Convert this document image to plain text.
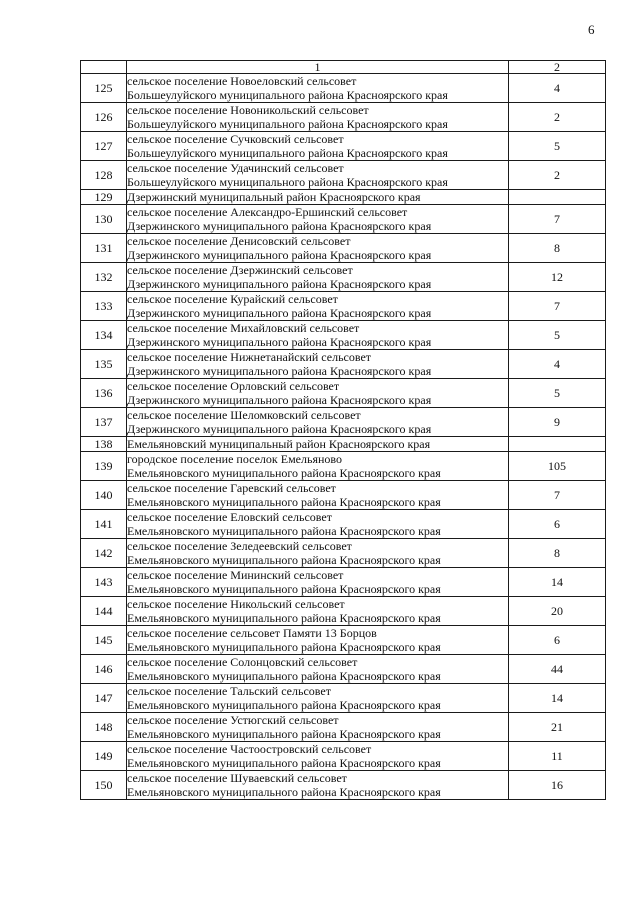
6
	1	2
125	сельское поселение Новоеловский сельсовет
Большеулуйского муниципального района Красноярского края	4
126	сельское поселение Новоникольский сельсовет
Большеулуйского муниципального района Красноярского края	2
127	сельское поселение Сучковский сельсовет
Большеулуйского муниципального района Красноярского края	5
128	сельское поселение Удачинский сельсовет
Большеулуйского муниципального района Красноярского края	2
129	Дзержинский муниципальный район Красноярского края	

130	сельское поселение Александро-Ершинский сельсовет
Дзержинского муниципального района Красноярского края	7
131	сельское поселение Денисовский сельсовет
Дзержинского муниципального района Красноярского края	8
132	сельское поселение Дзержинский сельсовет
Дзержинского муниципального района Красноярского края	12
133	сельское поселение Курайский сельсовет
Дзержинского муниципального района Красноярского края	7
134	сельское поселение Михайловский сельсовет
Дзержинского муниципального района Красноярского края	5
135	сельское поселение Нижнетанайский сельсовет
Дзержинского муниципального района Красноярского края	4
136	сельское поселение Орловский сельсовет
Дзержинского муниципального района Красноярского края	5
137	сельское поселение Шеломковский сельсовет
Дзержинского муниципального района Красноярского края	9
138	Емельяновский муниципальный район Красноярского края	

139	городское поселение поселок Емельяново
Емельяновского муниципального района Красноярского края	105
140	сельское поселение Гаревский сельсовет
Емельяновского муниципального района Красноярского края	7
141	сельское поселение Еловский сельсовет
Емельяновского муниципального района Красноярского края	6
142	сельское поселение Зеледеевский сельсовет
Емельяновского муниципального района Красноярского края	8
143	сельское поселение Мининский сельсовет
Емельяновского муниципального района Красноярского края	14
144	сельское поселение Никольский сельсовет
Емельяновского муниципального района Красноярского края	20
145	сельское поселение сельсовет Памяти 13 Борцов
Емельяновского муниципального района Красноярского края	6
146	сельское поселение Солонцовский сельсовет
Емельяновского муниципального района Красноярского края	44
147	сельское поселение Тальский сельсовет
Емельяновского муниципального района Красноярского края	14
148	сельское поселение Устюгский сельсовет
Емельяновского муниципального района Красноярского края	21
149	сельское поселение Частоостровский сельсовет
Емельяновского муниципального района Красноярского края	11
150	сельское поселение Шуваевский сельсовет
Емельяновского муниципального района Красноярского края	16
